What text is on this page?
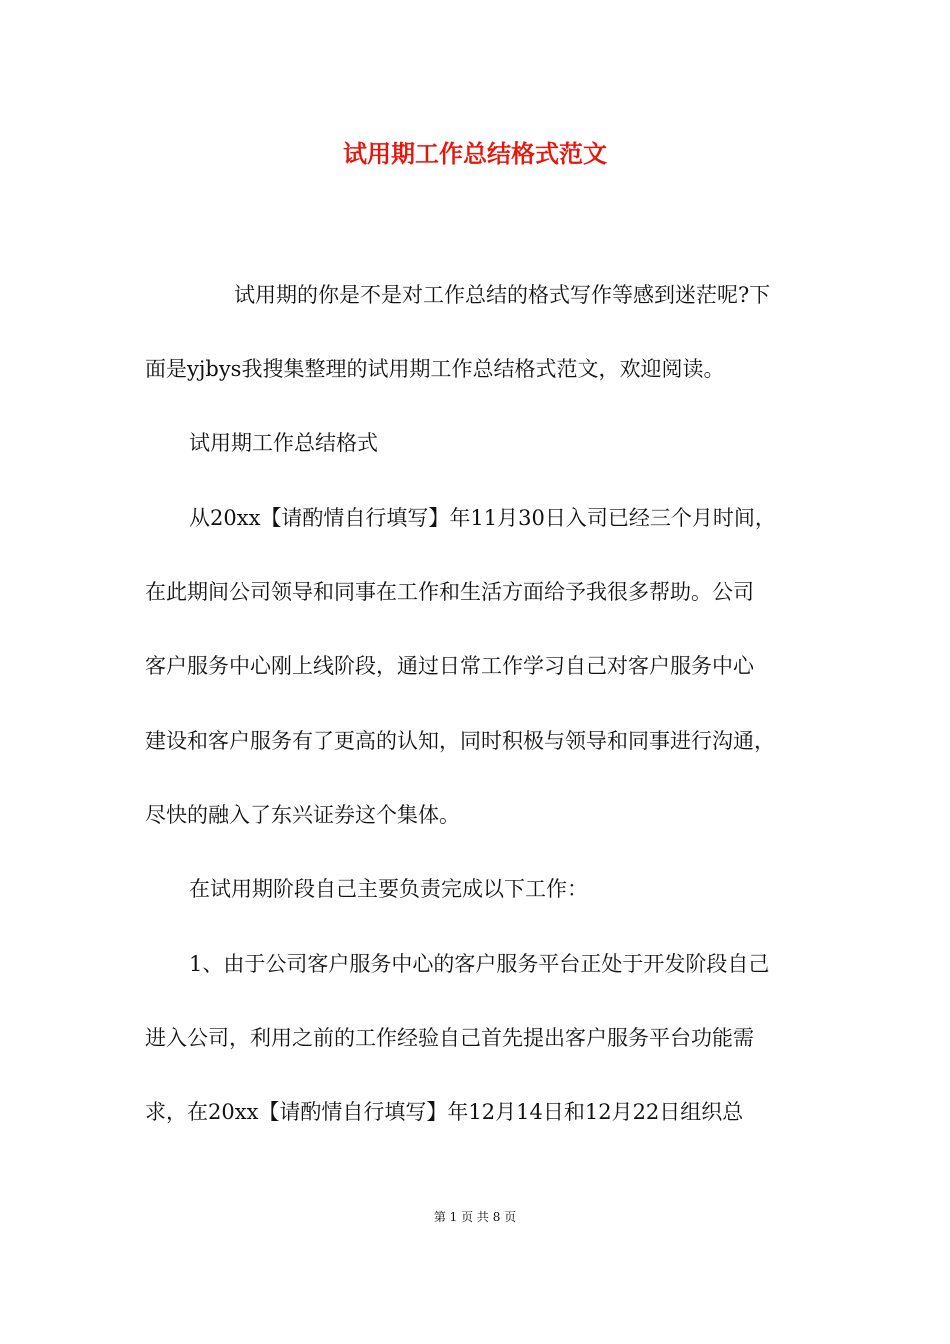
试用期工作总结格式范文
试用期的你是不是对工作总结的格式写作等感到迷茫呢?下
面是yjbys我搜集整理的试用期工作总结格式范文，欢迎阅读。
试用期工作总结格式
从20xx【请酌情自行填写】年11月30日入司已经三个月时间，
在此期间公司领导和同事在工作和生活方面给予我很多帮助。公司
客户服务中心刚上线阶段，通过日常工作学习自己对客户服务中心
建设和客户服务有了更高的认知，同时积极与领导和同事进行沟通，
尽快的融入了东兴证券这个集体。
在试用期阶段自己主要负责完成以下工作：
1、由于公司客户服务中心的客户服务平台正处于开发阶段自己
进入公司，利用之前的工作经验自己首先提出客户服务平台功能需
求，在20xx【请酌情自行填写】年12月14日和12月22日组织总
第 1 页 共 8 页
